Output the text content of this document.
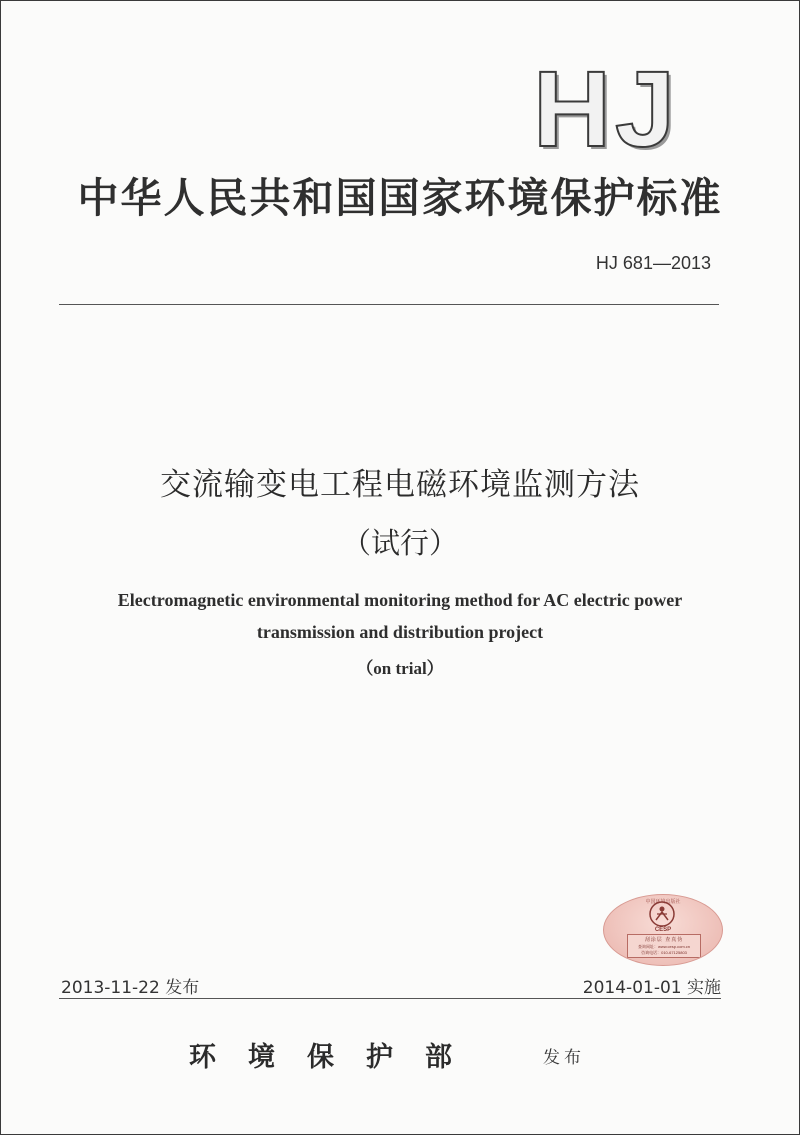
HJ
中华人民共和国国家环境保护标准
HJ 681—2013
交流输变电工程电磁环境监测方法
（试行）
Electromagnetic environmental monitoring method for AC electric power
transmission and distribution project
（on trial）
中国环境出版社
CESP
刮涂层 查真伪
查询网址：www.cesp.com.cn
咨询电话：010-67125803
2013-11-22 发布	2014-01-01 实施
环境保护部	发布
